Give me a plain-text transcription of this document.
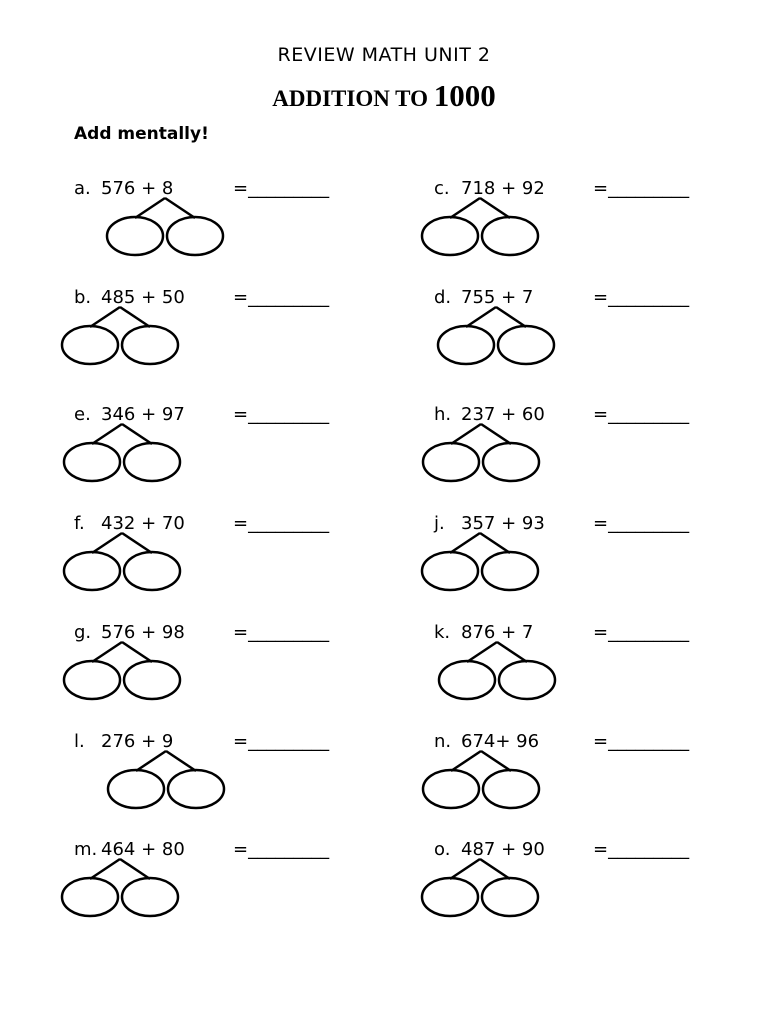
REVIEW MATH UNIT 2
ADDITION TO 1000
Add mentally!
a. 576 + 8	=_________	c. 718 + 92	=_________
b. 485 + 50	=_________	d. 755 + 7	=_________
e. 346 + 97	=_________	h. 237 + 60	=_________
f. 432 + 70	=_________	j. 357 + 93	=_________
g. 576 + 98	=_________	k. 876 + 7	=_________
l. 276 + 9	=_________	n. 674+ 96	=_________
m. 464 + 80	=_________	o. 487 + 90	=_________
